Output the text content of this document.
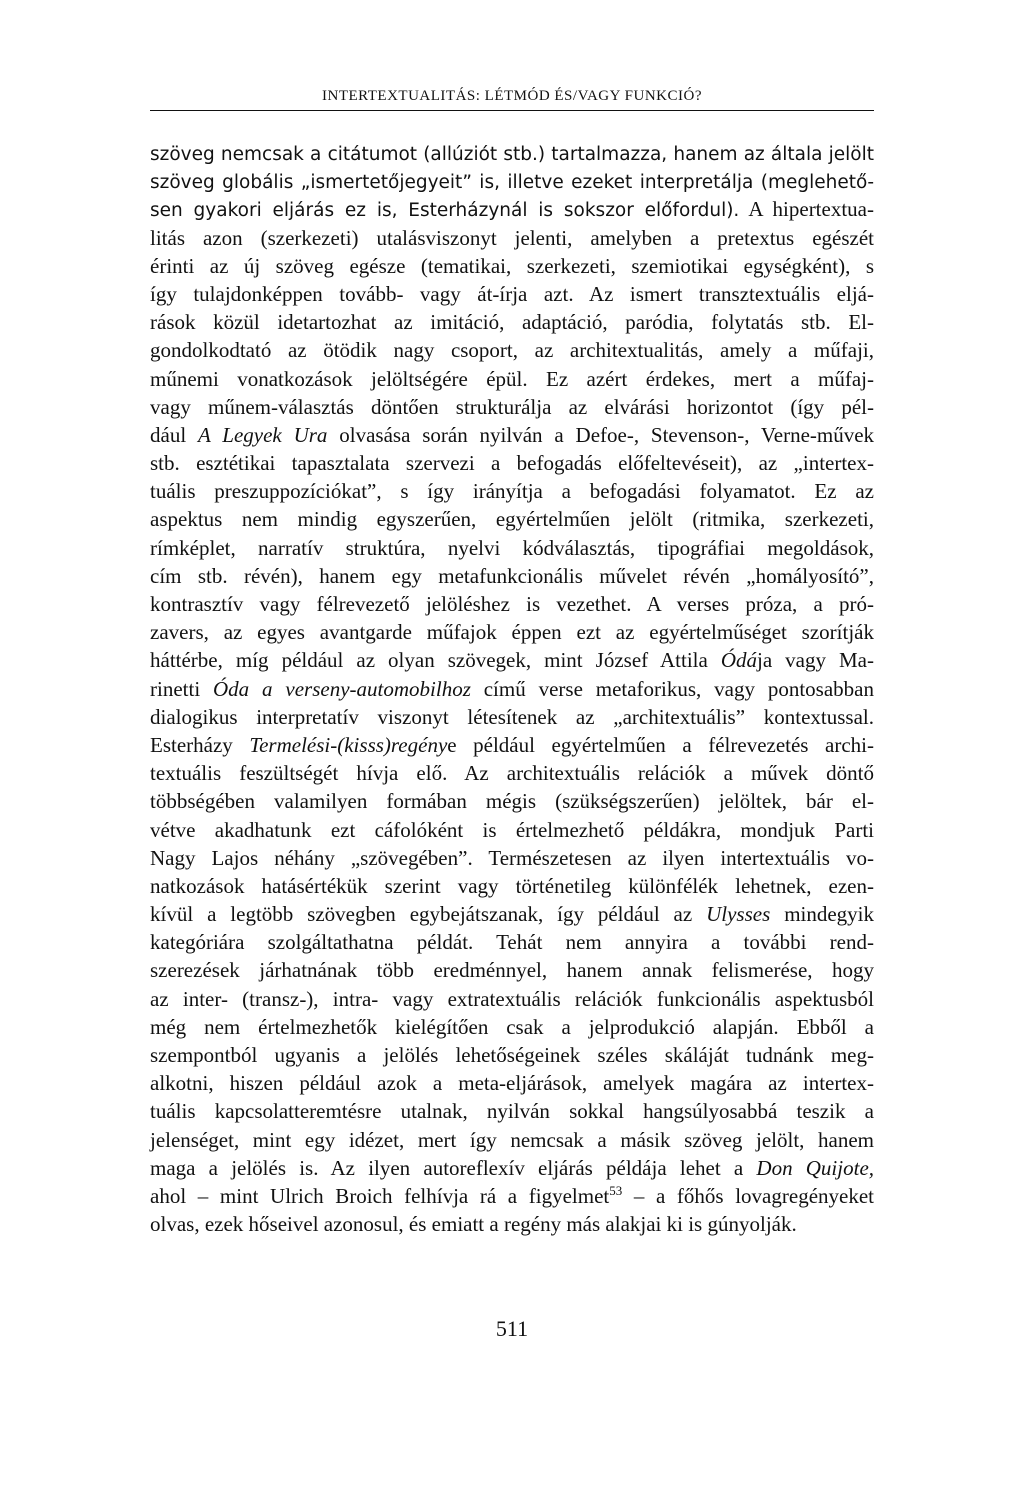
INTERTEXTUALITÁS: LÉTMÓD ÉS/VAGY FUNKCIÓ?
szöveg nemcsak a citátumot (allúziót stb.) tartalmazza, hanem az általa jelölt
szöveg globális „ismertetőjegyeit” is, illetve ezeket interpretálja (meglehető-
sen gyakori eljárás ez is, Esterházynál is sokszor előfordul). A hipertextua-
litás azon (szerkezeti) utalásviszonyt jelenti, amelyben a pretextus egészét
érinti az új szöveg egésze (tematikai, szerkezeti, szemiotikai egységként), s
így tulajdonképpen tovább- vagy át-írja azt. Az ismert transztextuális eljá-
rások közül idetartozhat az imitáció, adaptáció, paródia, folytatás stb. El-
gondolkodtató az ötödik nagy csoport, az architextualitás, amely a műfaji,
műnemi vonatkozások jelöltségére épül. Ez azért érdekes, mert a műfaj-
vagy műnem-választás döntően strukturálja az elvárási horizontot (így pél-
dául A Legyek Ura olvasása során nyilván a Defoe-, Stevenson-, Verne-művek
stb. esztétikai tapasztalata szervezi a befogadás előfeltevéseit), az „intertex-
tuális preszuppozíciókat”, s így irányítja a befogadási folyamatot. Ez az
aspektus nem mindig egyszerűen, egyértelműen jelölt (ritmika, szerkezeti,
rímképlet, narratív struktúra, nyelvi kódválasztás, tipográfiai megoldások,
cím stb. révén), hanem egy metafunkcionális művelet révén „homályosító”,
kontrasztív vagy félrevezető jelöléshez is vezethet. A verses próza, a pró-
zavers, az egyes avantgarde műfajok éppen ezt az egyértelműséget szorítják
háttérbe, míg például az olyan szövegek, mint József Attila Ódája vagy Ma-
rinetti Óda a verseny-automobilhoz című verse metaforikus, vagy pontosabban
dialogikus interpretatív viszonyt létesítenek az „architextuális” kontextussal.
Esterházy Termelési-(kisss)regénye például egyértelműen a félrevezetés archi-
textuális feszültségét hívja elő. Az architextuális relációk a művek döntő
többségében valamilyen formában mégis (szükségszerűen) jelöltek, bár el-
vétve akadhatunk ezt cáfolóként is értelmezhető példákra, mondjuk Parti
Nagy Lajos néhány „szövegében”. Természetesen az ilyen intertextuális vo-
natkozások hatásértékük szerint vagy történetileg különfélék lehetnek, ezen-
kívül a legtöbb szövegben egybejátszanak, így például az Ulysses mindegyik
kategóriára szolgáltathatna példát. Tehát nem annyira a további rend-
szerezések járhatnának több eredménnyel, hanem annak felismerése, hogy
az inter- (transz-), intra- vagy extratextuális relációk funkcionális aspektusból
még nem értelmezhetők kielégítően csak a jelprodukció alapján. Ebből a
szempontból ugyanis a jelölés lehetőségeinek széles skáláját tudnánk meg-
alkotni, hiszen például azok a meta-eljárások, amelyek magára az intertex-
tuális kapcsolatteremtésre utalnak, nyilván sokkal hangsúlyosabbá teszik a
jelenséget, mint egy idézet, mert így nemcsak a másik szöveg jelölt, hanem
maga a jelölés is. Az ilyen autoreflexív eljárás példája lehet a Don Quijote,
ahol – mint Ulrich Broich felhívja rá a figyelmet$^{53}$ – a főhős lovagregényeket
olvas, ezek hőseivel azonosul, és emiatt a regény más alakjai ki is gúnyolják.
511
